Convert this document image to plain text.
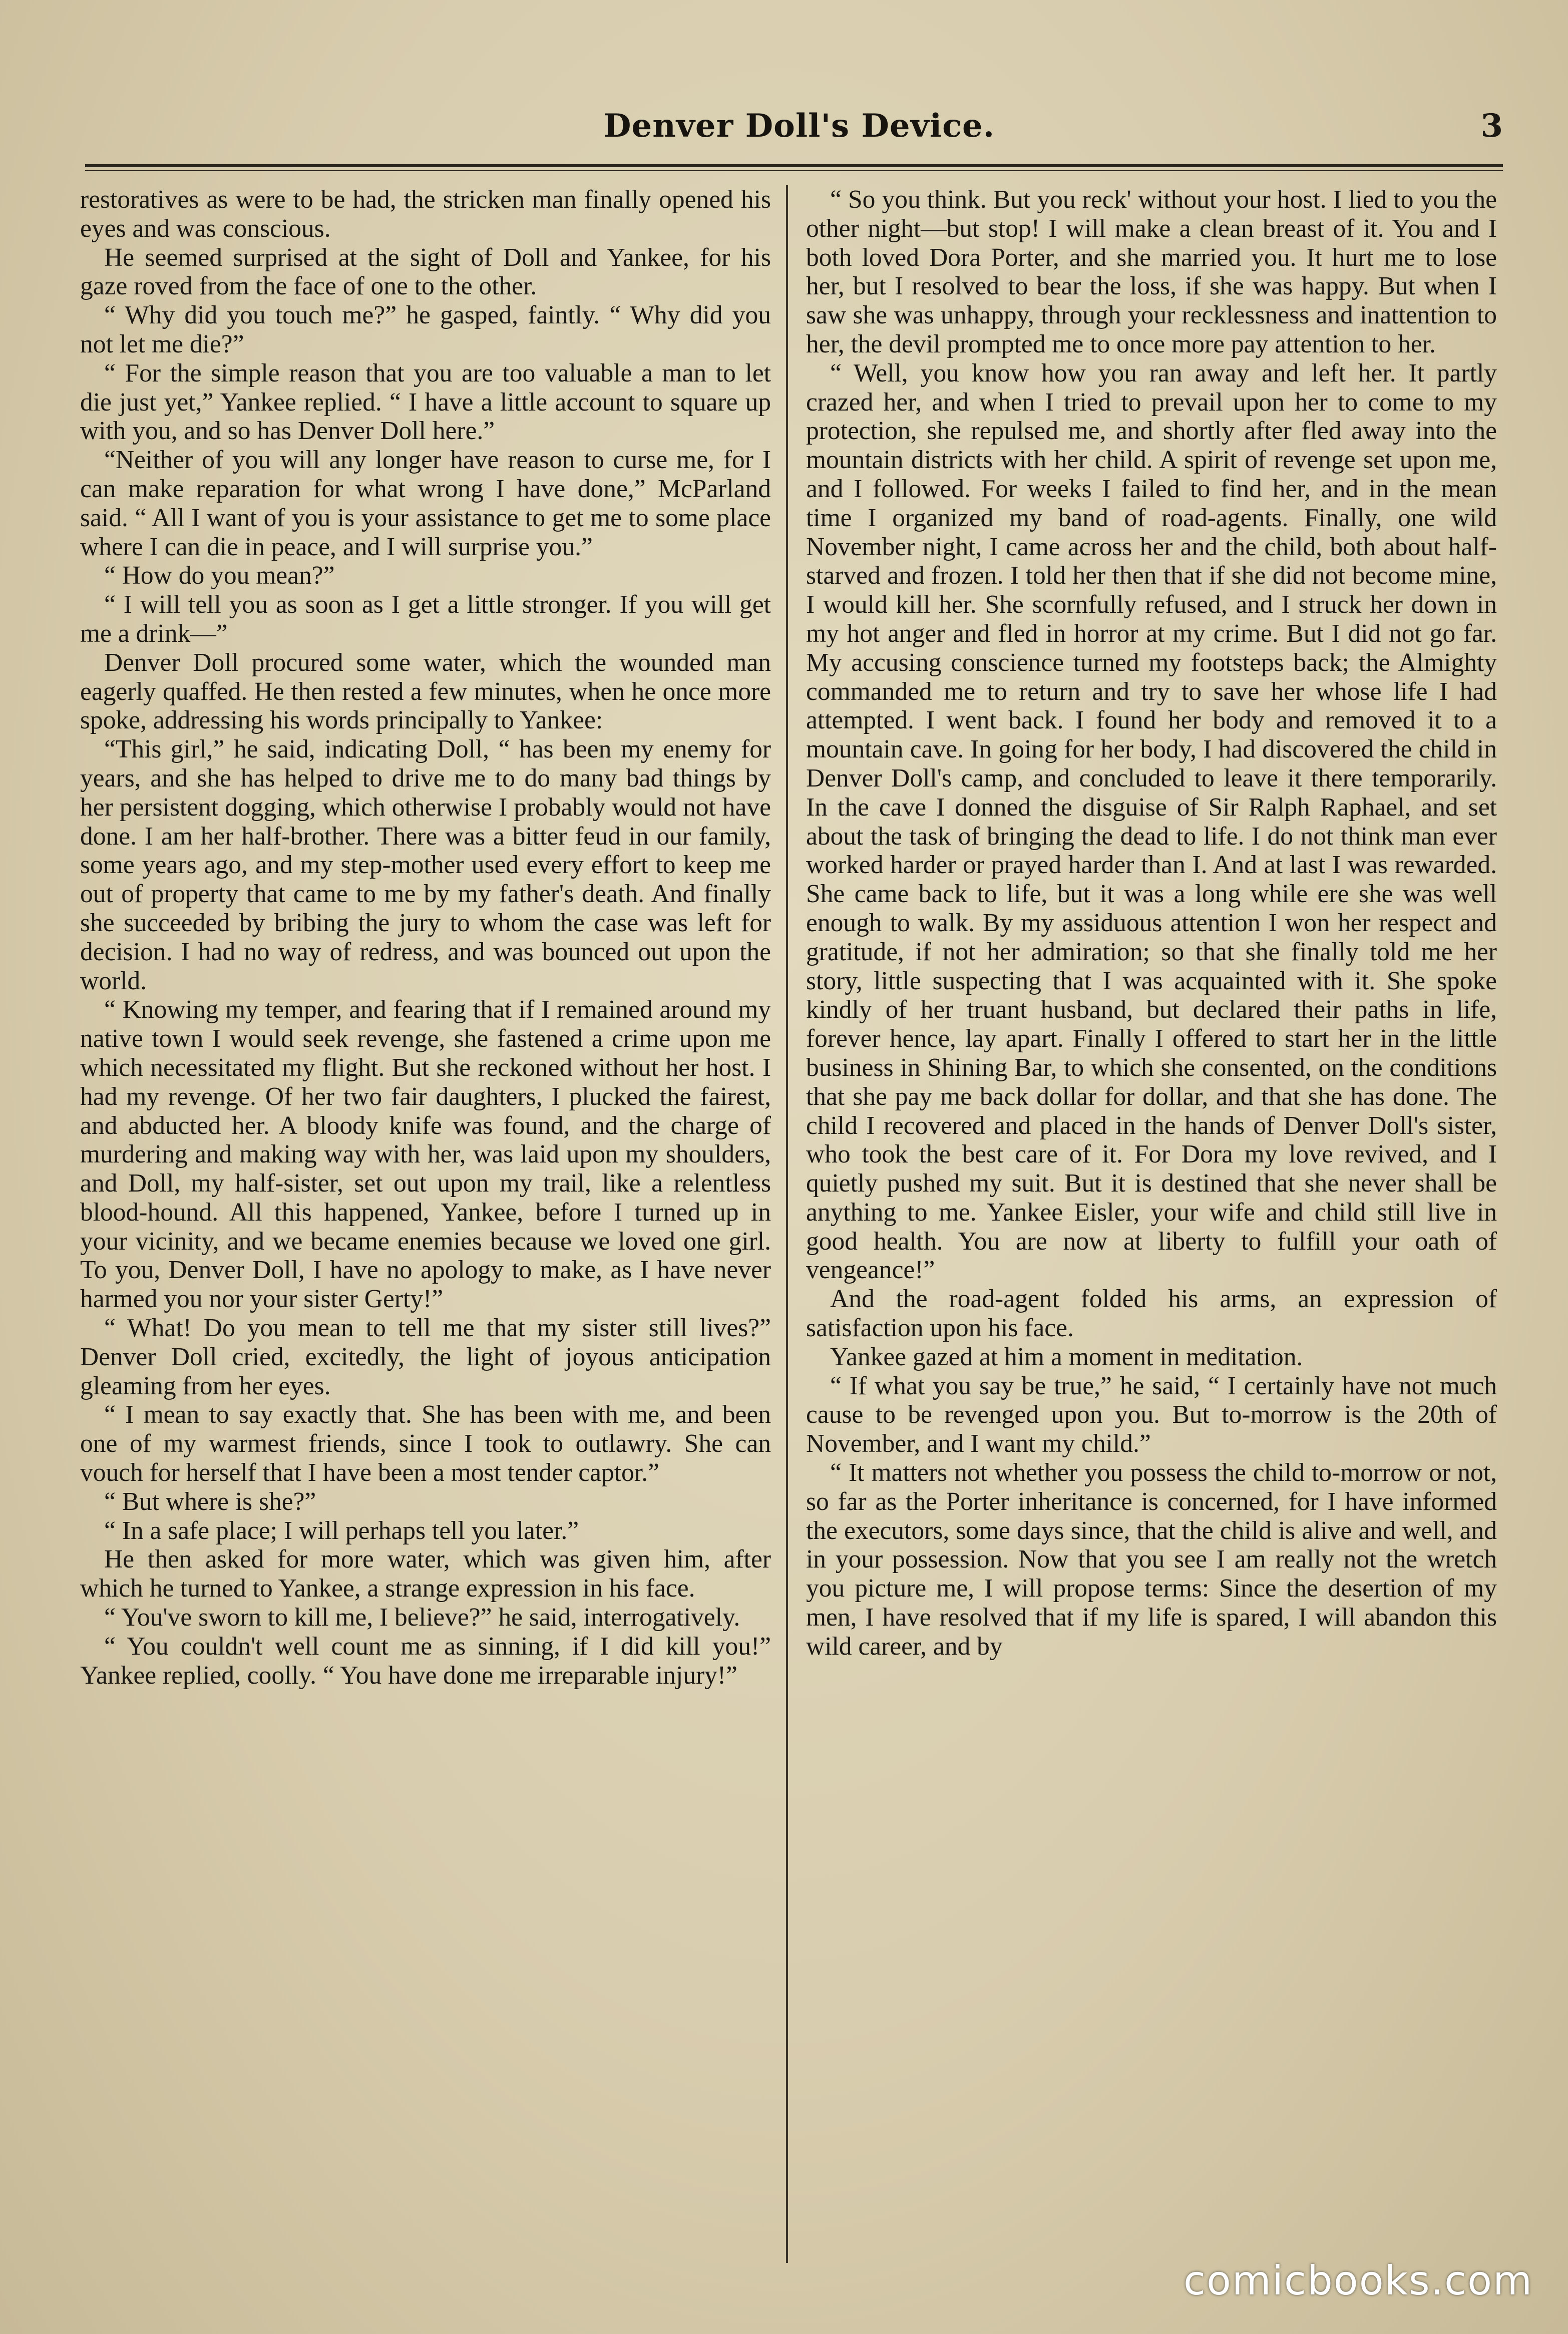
Denver Doll's Device.	3

restoratives as were to be had, the stricken man finally opened his eyes and was conscious.

He seemed surprised at the sight of Doll and Yankee, for his gaze roved from the face of one to the other.

“ Why did you touch me?” he gasped, faintly. “ Why did you not let me die?”

“ For the simple reason that you are too valuable a man to let die just yet,” Yankee replied. “ I have a little account to square up with you, and so has Denver Doll here.”

“Neither of you will any longer have reason to curse me, for I can make reparation for what wrong I have done,” McParland said. “ All I want of you is your assistance to get me to some place where I can die in peace, and I will surprise you.”

“ How do you mean?”

“ I will tell you as soon as I get a little stronger. If you will get me a drink—”

Denver Doll procured some water, which the wounded man eagerly quaffed. He then rested a few minutes, when he once more spoke, addressing his words principally to Yankee:

“This girl,” he said, indicating Doll, “ has been my enemy for years, and she has helped to drive me to do many bad things by her persistent dogging, which otherwise I probably would not have done. I am her half-brother. There was a bitter feud in our family, some years ago, and my step-mother used every effort to keep me out of property that came to me by my father's death. And finally she succeeded by bribing the jury to whom the case was left for decision. I had no way of redress, and was bounced out upon the world.

“ Knowing my temper, and fearing that if I remained around my native town I would seek revenge, she fastened a crime upon me which necessitated my flight. But she reckoned without her host. I had my revenge. Of her two fair daughters, I plucked the fairest, and abducted her. A bloody knife was found, and the charge of murdering and making way with her, was laid upon my shoulders, and Doll, my half-sister, set out upon my trail, like a relentless blood-hound. All this happened, Yankee, before I turned up in your vicinity, and we became enemies because we loved one girl. To you, Denver Doll, I have no apology to make, as I have never harmed you nor your sister Gerty!”

“ What! Do you mean to tell me that my sister still lives?” Denver Doll cried, excitedly, the light of joyous anticipation gleaming from her eyes.

“ I mean to say exactly that. She has been with me, and been one of my warmest friends, since I took to outlawry. She can vouch for herself that I have been a most tender captor.”

“ But where is she?”

“ In a safe place; I will perhaps tell you later.”

He then asked for more water, which was given him, after which he turned to Yankee, a strange expression in his face.

“ You've sworn to kill me, I believe?” he said, interrogatively.

“ You couldn't well count me as sinning, if I did kill you!” Yankee replied, coolly. “ You have done me irreparable injury!”

“ So you think. But you reck' without your host. I lied to you the other night—but stop! I will make a clean breast of it. You and I both loved Dora Porter, and she married you. It hurt me to lose her, but I resolved to bear the loss, if she was happy. But when I saw she was unhappy, through your recklessness and inattention to her, the devil prompted me to once more pay attention to her.

“ Well, you know how you ran away and left her. It partly crazed her, and when I tried to prevail upon her to come to my protection, she repulsed me, and shortly after fled away into the mountain districts with her child. A spirit of revenge set upon me, and I followed. For weeks I failed to find her, and in the mean time I organized my band of road-agents. Finally, one wild November night, I came across her and the child, both about half-starved and frozen. I told her then that if she did not become mine, I would kill her. She scornfully refused, and I struck her down in my hot anger and fled in horror at my crime. But I did not go far. My accusing conscience turned my footsteps back; the Almighty commanded me to return and try to save her whose life I had attempted. I went back. I found her body and removed it to a mountain cave. In going for her body, I had discovered the child in Denver Doll's camp, and concluded to leave it there temporarily. In the cave I donned the disguise of Sir Ralph Raphael, and set about the task of bringing the dead to life. I do not think man ever worked harder or prayed harder than I. And at last I was rewarded. She came back to life, but it was a long while ere she was well enough to walk. By my assiduous attention I won her respect and gratitude, if not her admiration; so that she finally told me her story, little suspecting that I was acquainted with it. She spoke kindly of her truant husband, but declared their paths in life, forever hence, lay apart. Finally I offered to start her in the little business in Shining Bar, to which she consented, on the conditions that she pay me back dollar for dollar, and that she has done. The child I recovered and placed in the hands of Denver Doll's sister, who took the best care of it. For Dora my love revived, and I quietly pushed my suit. But it is destined that she never shall be anything to me. Yankee Eisler, your wife and child still live in good health. You are now at liberty to fulfill your oath of vengeance!”

And the road-agent folded his arms, an expression of satisfaction upon his face.

Yankee gazed at him a moment in meditation.

“ If what you say be true,” he said, “ I certainly have not much cause to be revenged upon you. But to-morrow is the 20th of November, and I want my child.”

“ It matters not whether you possess the child to-morrow or not, so far as the Porter inheritance is concerned, for I have informed the executors, some days since, that the child is alive and well, and in your possession. Now that you see I am really not the wretch you picture me, I will propose terms: Since the desertion of my men, I have resolved that if my life is spared, I will abandon this wild career, and by

comicbooks.com
